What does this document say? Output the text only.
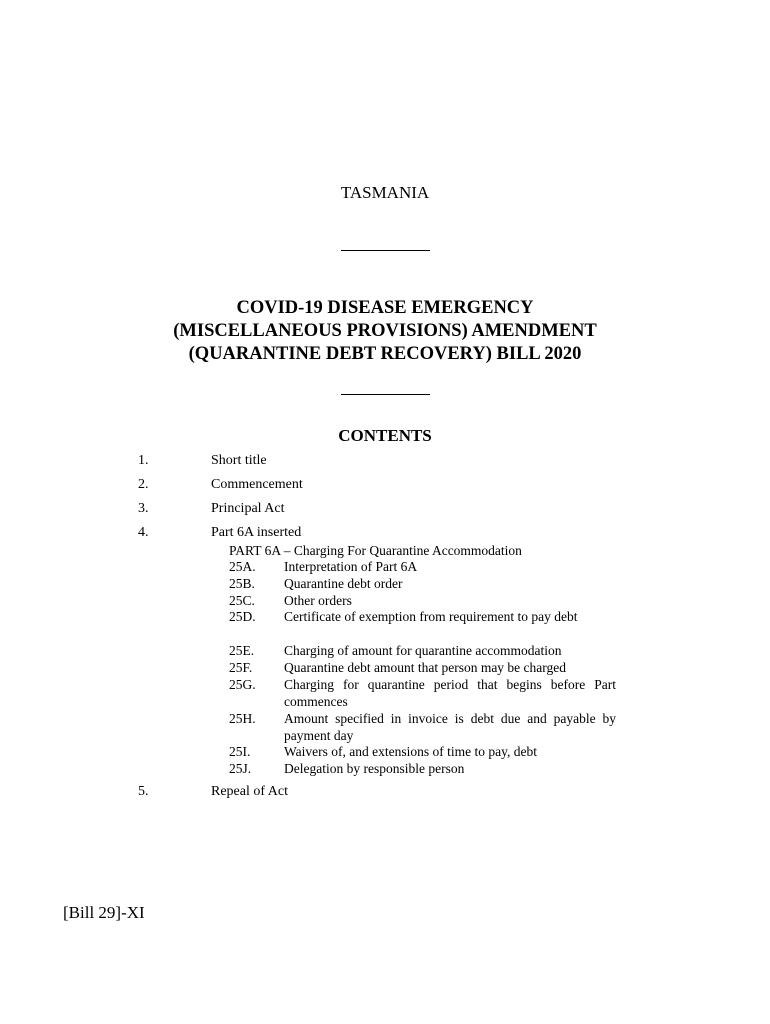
TASMANIA
COVID-19 DISEASE EMERGENCY
(MISCELLANEOUS PROVISIONS) AMENDMENT
(QUARANTINE DEBT RECOVERY) BILL 2020
CONTENTS
1.	Short title
2.	Commencement
3.	Principal Act
4.	Part 6A inserted
PART 6A – Charging For Quarantine Accommodation
25A. Interpretation of Part 6A
25B. Quarantine debt order
25C. Other orders
25D. Certificate of exemption from requirement to pay debt
25E. Charging of amount for quarantine accommodation
25F. Quarantine debt amount that person may be charged
25G. Charging for quarantine period that begins before Part commences
25H. Amount specified in invoice is debt due and payable by payment day
25I. Waivers of, and extensions of time to pay, debt
25J. Delegation by responsible person
5.	Repeal of Act
[Bill 29]-XI
